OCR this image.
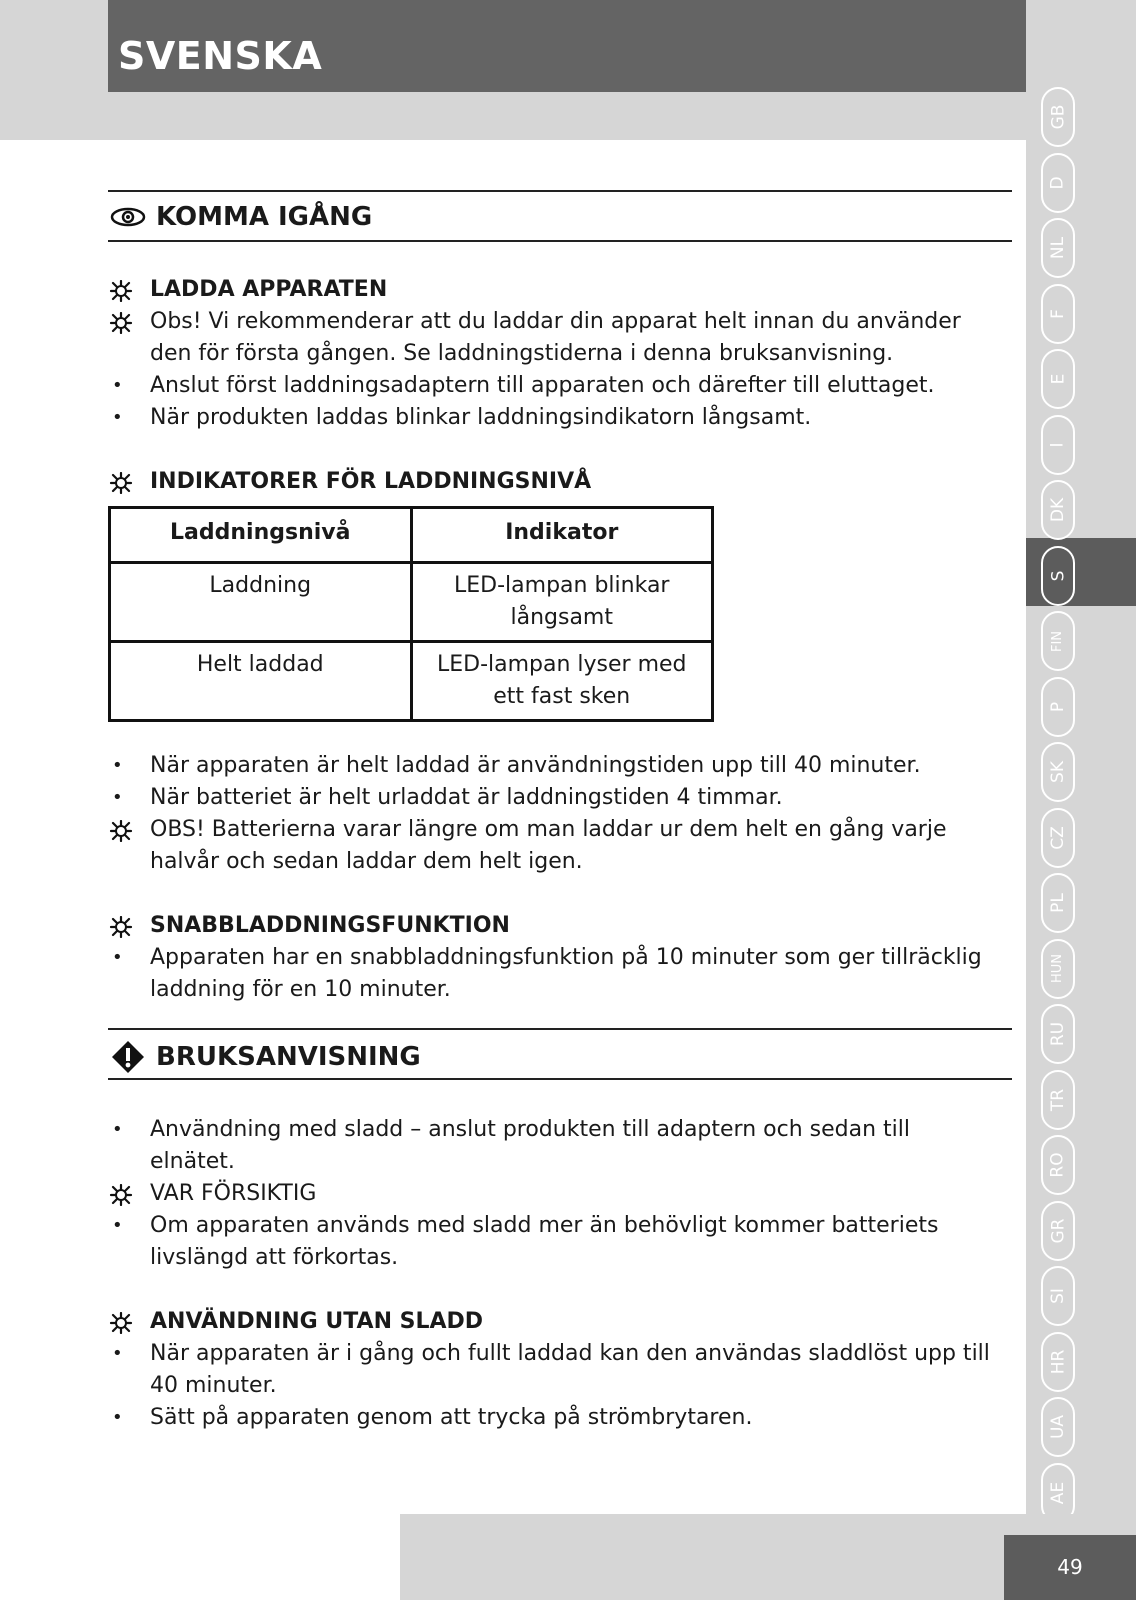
SVENSKA
GB
D
NL
F
E
I
DK
S
FIN
P
SK
CZ
PL
HUN
RU
TR
RO
GR
SI
HR
UA
AE
49
KOMMA IGÅNG
LADDA APPARATEN
Obs! Vi rekommenderar att du laddar din apparat helt innan du använder
den för första gången. Se laddningstiderna i denna bruksanvisning.
•	Anslut först laddningsadaptern till apparaten och därefter till eluttaget.
•	När produkten laddas blinkar laddningsindikatorn långsamt.
INDIKATORER FÖR LADDNINGSNIVÅ
Laddningsnivå	Indikator
Laddning	LED-lampan blinkar
långsamt

Helt laddad	LED-lampan lyser med
ett fast sken
•	När apparaten är helt laddad är användningstiden upp till 40 minuter.
•	När batteriet är helt urladdat är laddningstiden 4 timmar.
OBS! Batterierna varar längre om man laddar ur dem helt en gång varje
halvår och sedan laddar dem helt igen.
SNABBLADDNINGSFUNKTION
•	Apparaten har en snabbladdningsfunktion på 10 minuter som ger tillräcklig
laddning för en 10 minuter.
BRUKSANVISNING
•	Användning med sladd – anslut produkten till adaptern och sedan till
elnätet.
VAR FÖRSIKTIG
•	Om apparaten används med sladd mer än behövligt kommer batteriets
livslängd att förkortas.
ANVÄNDNING UTAN SLADD
•	När apparaten är i gång och fullt laddad kan den användas sladdlöst upp till
40 minuter.
•	Sätt på apparaten genom att trycka på strömbrytaren.
